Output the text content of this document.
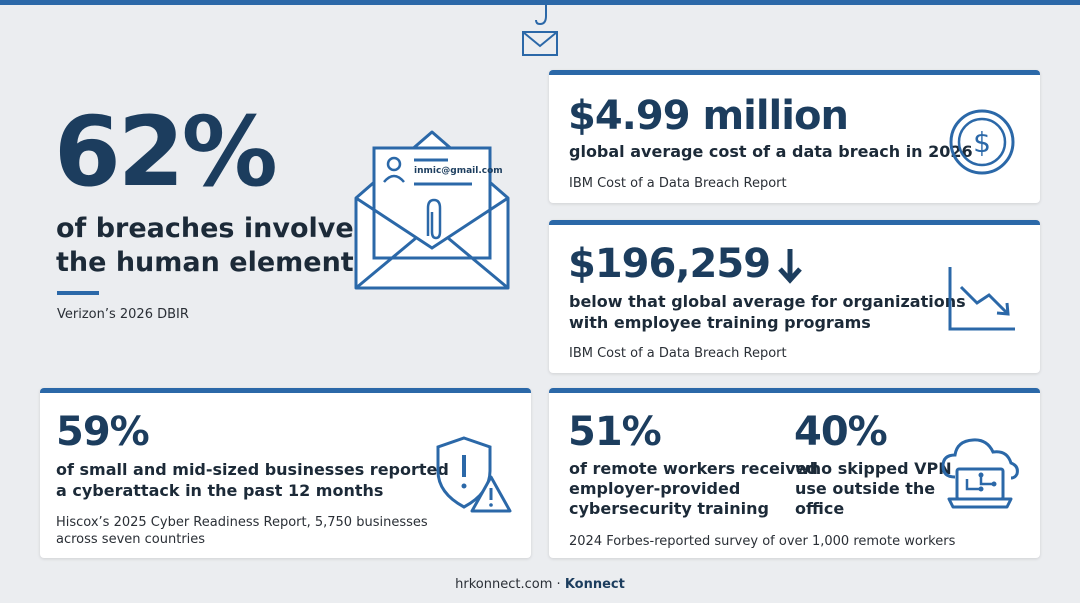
62%
of breaches involve
the human element
Verizon’s 2026 DBIR
inmic@gmail.com
$4.99 million
global average cost of a data breach in 2026
IBM Cost of a Data Breach Report
$
$196,259
below that global average for organizations
with employee training programs
IBM Cost of a Data Breach Report
59%
of small and mid-sized businesses reported
a cyberattack in the past 12 months
Hiscox’s 2025 Cyber Readiness Report, 5,750 businesses
across seven countries
51%
of remote workers received
employer-provided
cybersecurity training
40%
who skipped VPN
use outside the
office
2024 Forbes-reported survey of over 1,000 remote workers
hrkonnect.com · Konnect
